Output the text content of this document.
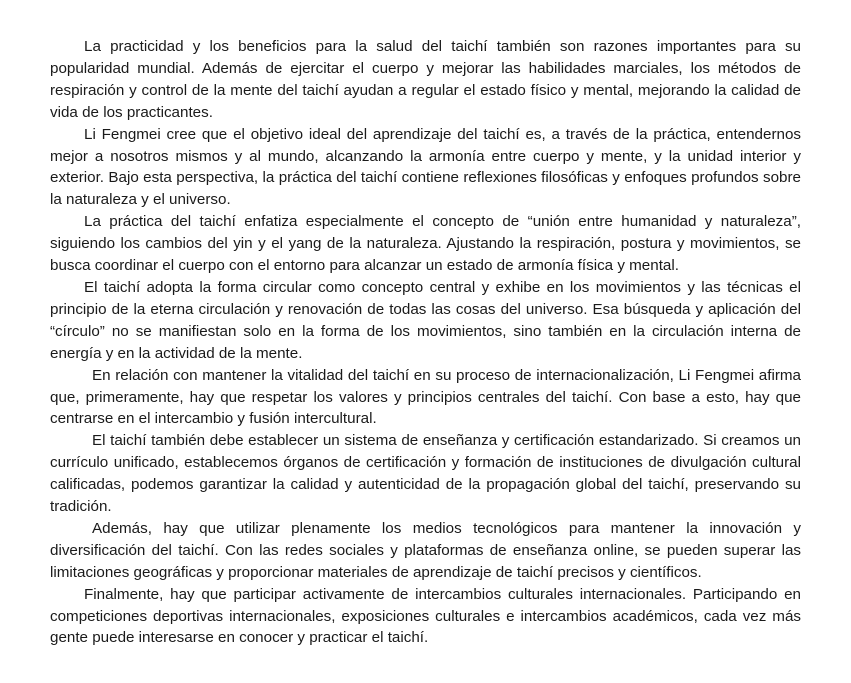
La practicidad y los beneficios para la salud del taichí también son razones importantes para su popularidad mundial. Además de ejercitar el cuerpo y mejorar las habilidades marciales, los métodos de respiración y control de la mente del taichí ayudan a regular el estado físico y mental, mejorando la calidad de vida de los practicantes.

Li Fengmei cree que el objetivo ideal del aprendizaje del taichí es, a través de la práctica, entendernos mejor a nosotros mismos y al mundo, alcanzando la armonía entre cuerpo y mente, y la unidad interior y exterior. Bajo esta perspectiva, la práctica del taichí contiene reflexiones filosóficas y enfoques profundos sobre la naturaleza y el universo.

La práctica del taichí enfatiza especialmente el concepto de “unión entre humanidad y naturaleza”, siguiendo los cambios del yin y el yang de la naturaleza. Ajustando la respiración, postura y movimientos, se busca coordinar el cuerpo con el entorno para alcanzar un estado de armonía física y mental.

El taichí adopta la forma circular como concepto central y exhibe en los movimientos y las técnicas el principio de la eterna circulación y renovación de todas las cosas del universo. Esa búsqueda y aplicación del “círculo” no se manifiestan solo en la forma de los movimientos, sino también en la circulación interna de energía y en la actividad de la mente.

En relación con mantener la vitalidad del taichí en su proceso de internacionalización, Li Fengmei afirma que, primeramente, hay que respetar los valores y principios centrales del taichí. Con base a esto, hay que centrarse en el intercambio y fusión intercultural.

El taichí también debe establecer un sistema de enseñanza y certificación estandarizado. Si creamos un currículo unificado, establecemos órganos de certificación y formación de instituciones de divulgación cultural calificadas, podemos garantizar la calidad y autenticidad de la propagación global del taichí, preservando su tradición.

Además, hay que utilizar plenamente los medios tecnológicos para mantener la innovación y diversificación del taichí. Con las redes sociales y plataformas de enseñanza online, se pueden superar las limitaciones geográficas y proporcionar materiales de aprendizaje de taichí precisos y científicos.

Finalmente, hay que participar activamente de intercambios culturales internacionales. Participando en competiciones deportivas internacionales, exposiciones culturales e intercambios académicos, cada vez más gente puede interesarse en conocer y practicar el taichí.
